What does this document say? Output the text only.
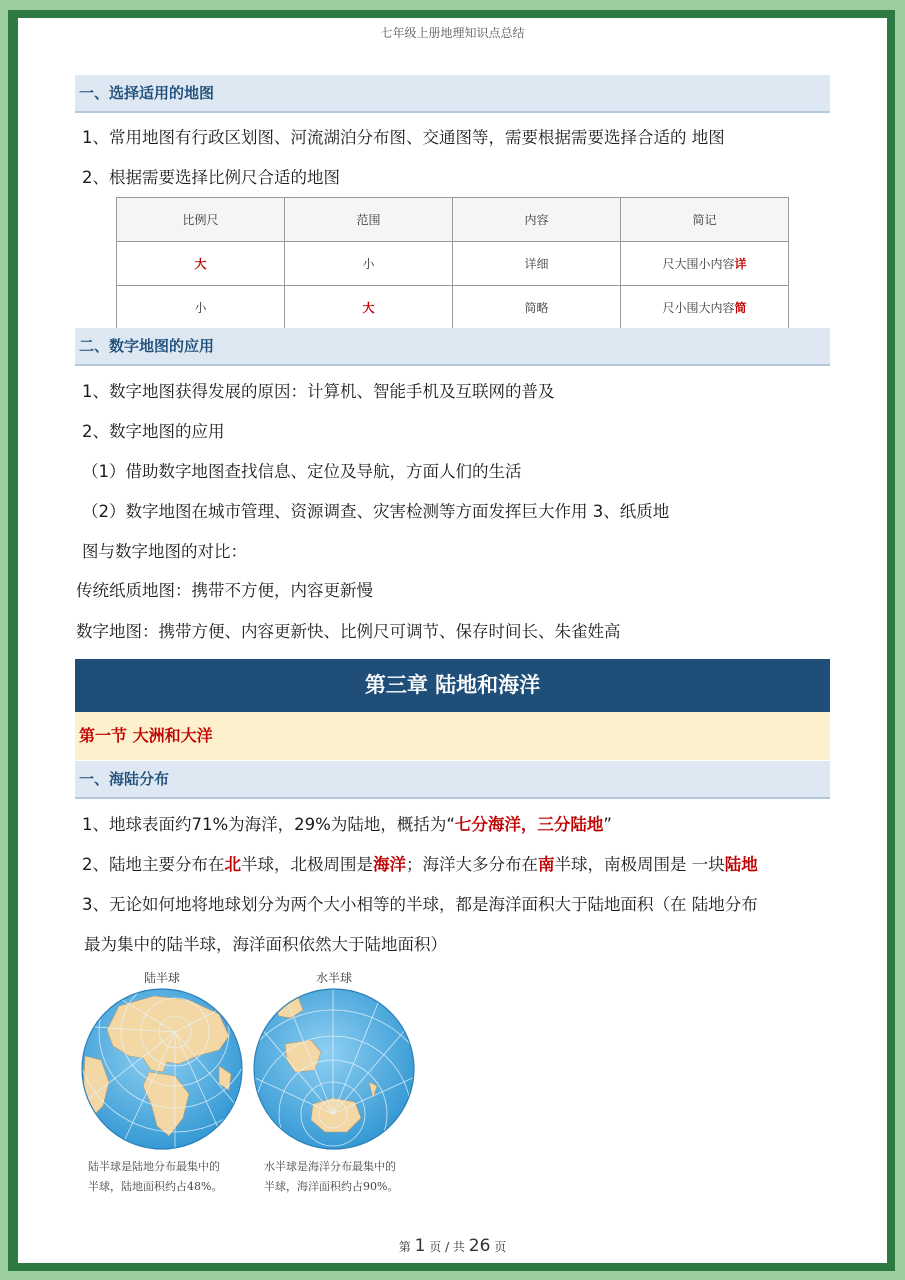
七年级上册地理知识点总结
一、选择适用的地图
1、常用地图有行政区划图、河流湖泊分布图、交通图等，需要根据需要选择合适的 地图
2、根据需要选择比例尺合适的地图
比例尺	范围	内容	简记
大	小	详细	尺大围小内容详
小	大	简略	尺小围大内容简
二、数字地图的应用
1、数字地图获得发展的原因：计算机、智能手机及互联网的普及
2、数字地图的应用
（1）借助数字地图查找信息、定位及导航，方面人们的生活
（2）数字地图在城市管理、资源调查、灾害检测等方面发挥巨大作用 3、纸质地
图与数字地图的对比：
传统纸质地图：携带不方便，内容更新慢
数字地图：携带方便、内容更新快、比例尺可调节、保存时间长、朱雀姓高
第三章 陆地和海洋
第一节 大洲和大洋
一、海陆分布
1、地球表面约71%为海洋，29%为陆地，概括为“七分海洋，三分陆地”
2、陆地主要分布在北半球，北极周围是海洋；海洋大多分布在南半球，南极周围是 一块陆地
3、无论如何地将地球划分为两个大小相等的半球，都是海洋面积大于陆地面积（在 陆地分布
最为集中的陆半球，海洋面积依然大于陆地面积）
陆半球
陆半球是陆地分布最集中的
半球，陆地面积约占48%。
水半球
水半球是海洋分布最集中的
半球，海洋面积约占90%。
第 1 页 / 共 26 页
